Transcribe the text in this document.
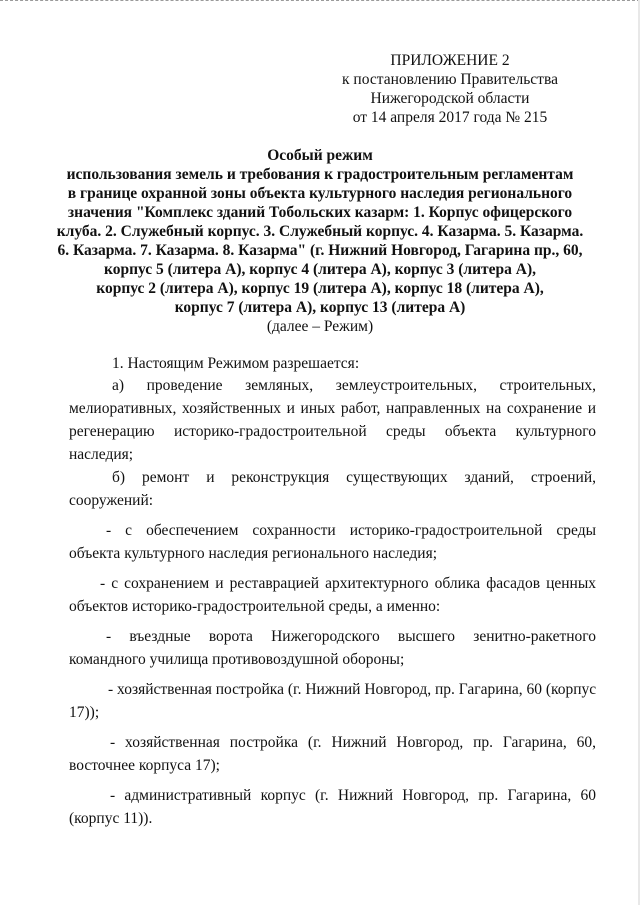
ПРИЛОЖЕНИЕ 2

к постановлению Правительства

Нижегородской области

от 14 апреля 2017 года № 215

Особый режим

использования земель и требования к градостроительным регламентам

в границе охранной зоны объекта культурного наследия регионального

значения "Комплекс зданий Тобольских казарм: 1. Корпус офицерского

клуба. 2. Служебный корпус. 3. Служебный корпус. 4. Казарма. 5. Казарма.

6. Казарма. 7. Казарма. 8. Казарма" (г. Нижний Новгород, Гагарина пр., 60,

корпус 5 (литера А), корпус 4 (литера А), корпус 3 (литера А),

корпус 2 (литера А), корпус 19 (литера А), корпус 18 (литера А),

корпус 7 (литера А), корпус 13 (литера А)

(далее – Режим)

1. Настоящим Режимом разрешается:

а) проведение земляных, землеустроительных, строительных,

мелиоративных, хозяйственных и иных работ, направленных на сохранение и

регенерацию историко-градостроительной среды объекта культурного

наследия;

б) ремонт и реконструкция существующих зданий, строений,

сооружений:

- с обеспечением сохранности историко-градостроительной среды

объекта культурного наследия регионального наследия;

- с сохранением и реставрацией архитектурного облика фасадов ценных

объектов историко-градостроительной среды, а именно:

- въездные ворота Нижегородского высшего зенитно-ракетного

командного училища противовоздушной обороны;

- хозяйственная постройка (г. Нижний Новгород, пр. Гагарина, 60 (корпус

17));

- хозяйственная постройка (г. Нижний Новгород, пр. Гагарина, 60,

восточнее корпуса 17);

- административный корпус (г. Нижний Новгород, пр. Гагарина, 60

(корпус 11)).
